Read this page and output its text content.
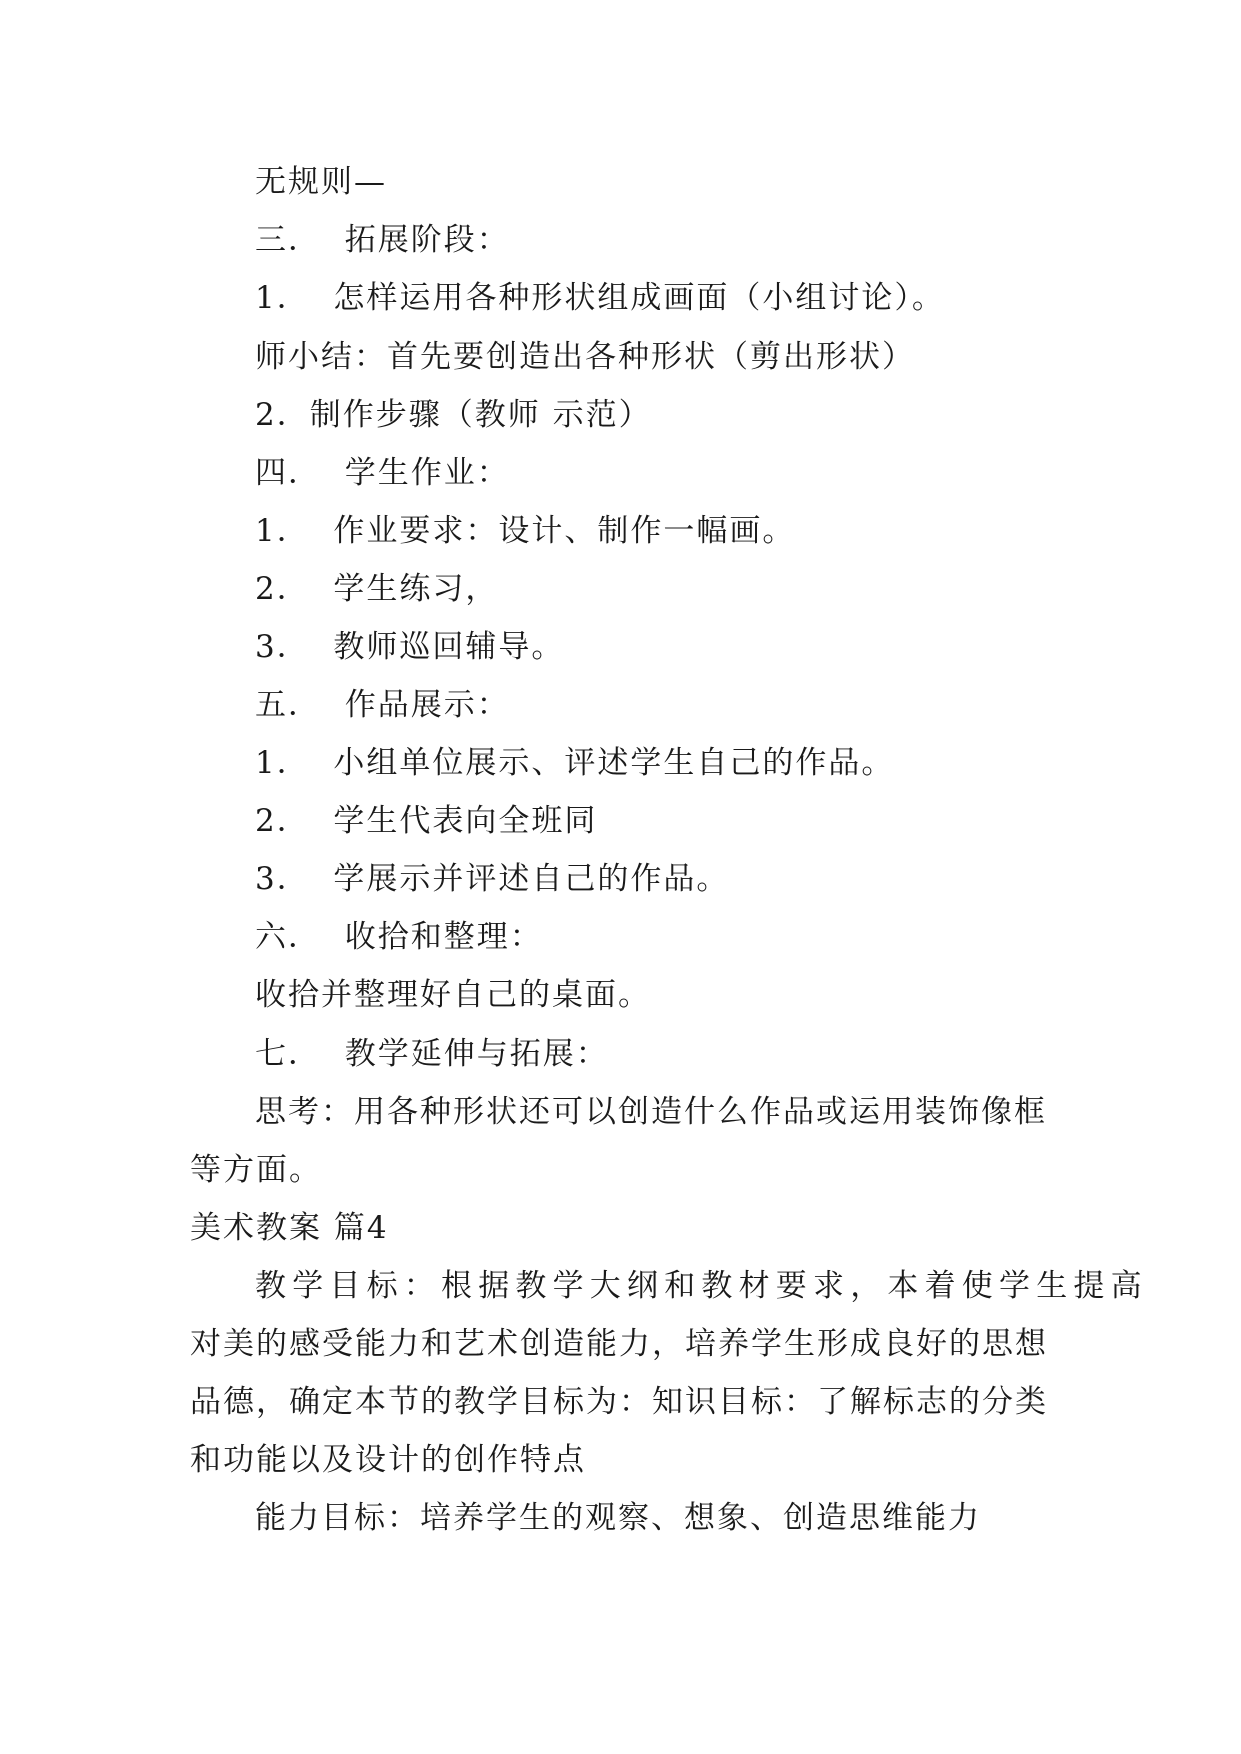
无规则—
三．  拓展阶段：
1．  怎样运用各种形状组成画面（小组讨论）。
师小结：首先要创造出各种形状（剪出形状）
2．制作步骤（教师 示范）
四．  学生作业：
1．  作业要求：设计、制作一幅画。
2．  学生练习，
3．  教师巡回辅导。
五．  作品展示：
1．  小组单位展示、评述学生自己的作品。
2．  学生代表向全班同
3．  学展示并评述自己的作品。
六．  收拾和整理：
收拾并整理好自己的桌面。
七．  教学延伸与拓展：
思考：用各种形状还可以创造什么作品或运用装饰像框
等方面。
美术教案 篇4
教学目标：根据教学大纲和教材要求，本着使学生提高
对美的感受能力和艺术创造能力，培养学生形成良好的思想
品德，确定本节的教学目标为：知识目标：了解标志的分类
和功能以及设计的创作特点
能力目标：培养学生的观察、想象、创造思维能力
